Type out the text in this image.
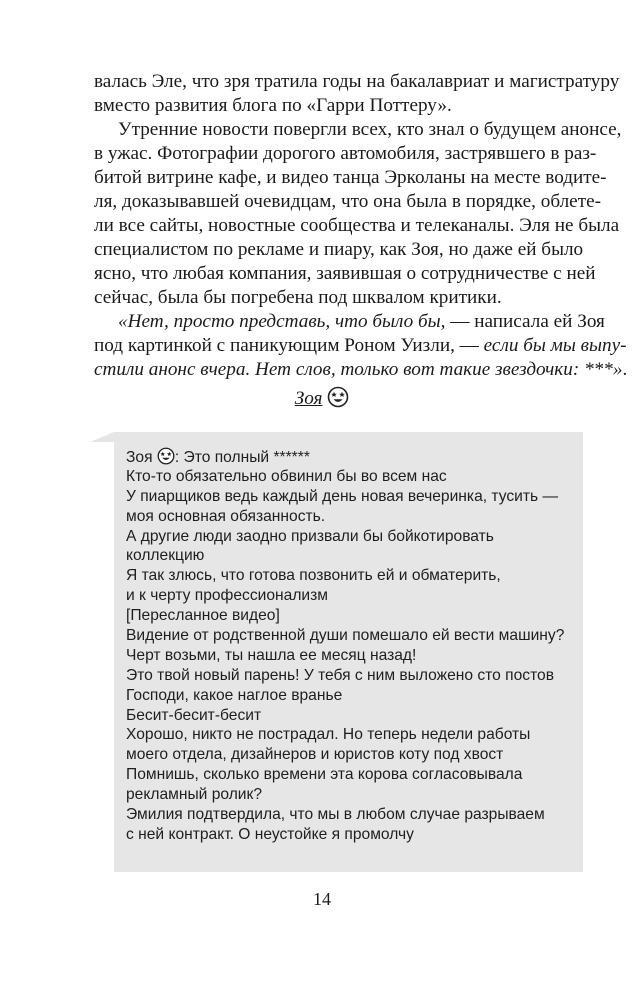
валась Эле, что зря тратила годы на бакалавриат и магистратуру
вместо развития блога по «Гарри Поттеру».
Утренние новости повергли всех, кто знал о будущем анонсе,
в ужас. Фотографии дорогого автомобиля, застрявшего в раз-
битой витрине кафе, и видео танца Эрколаны на месте водите-
ля, доказывавшей очевидцам, что она была в порядке, облете-
ли все сайты, новостные сообщества и телеканалы. Эля не была
специалистом по рекламе и пиару, как Зоя, но даже ей было
ясно, что любая компания, заявившая о сотрудничестве с ней
сейчас, была бы погребена под шквалом критики.
«Нет, просто представь, что было бы, — написала ей Зоя
под картинкой с паникующим Роном Уизли, — если бы мы выпу-
стили анонс вчера. Нет слов, только вот такие звездочки: ***».
Зоя
Зоя : Это полный ******
Кто-то обязательно обвинил бы во всем нас
У пиарщиков ведь каждый день новая вечеринка, тусить —
моя основная обязанность.
А другие люди заодно призвали бы бойкотировать
коллекцию
Я так злюсь, что готова позвонить ей и обматерить,
и к черту профессионализм
[Пересланное видео]
Видение от родственной души помешало ей вести машину?
Черт возьми, ты нашла ее месяц назад!
Это твой новый парень! У тебя с ним выложено сто постов
Господи, какое наглое вранье
Бесит-бесит-бесит
Хорошо, никто не пострадал. Но теперь недели работы
моего отдела, дизайнеров и юристов коту под хвост
Помнишь, сколько времени эта корова согласовывала
рекламный ролик?
Эмилия подтвердила, что мы в любом случае разрываем
с ней контракт. О неустойке я промолчу
14
